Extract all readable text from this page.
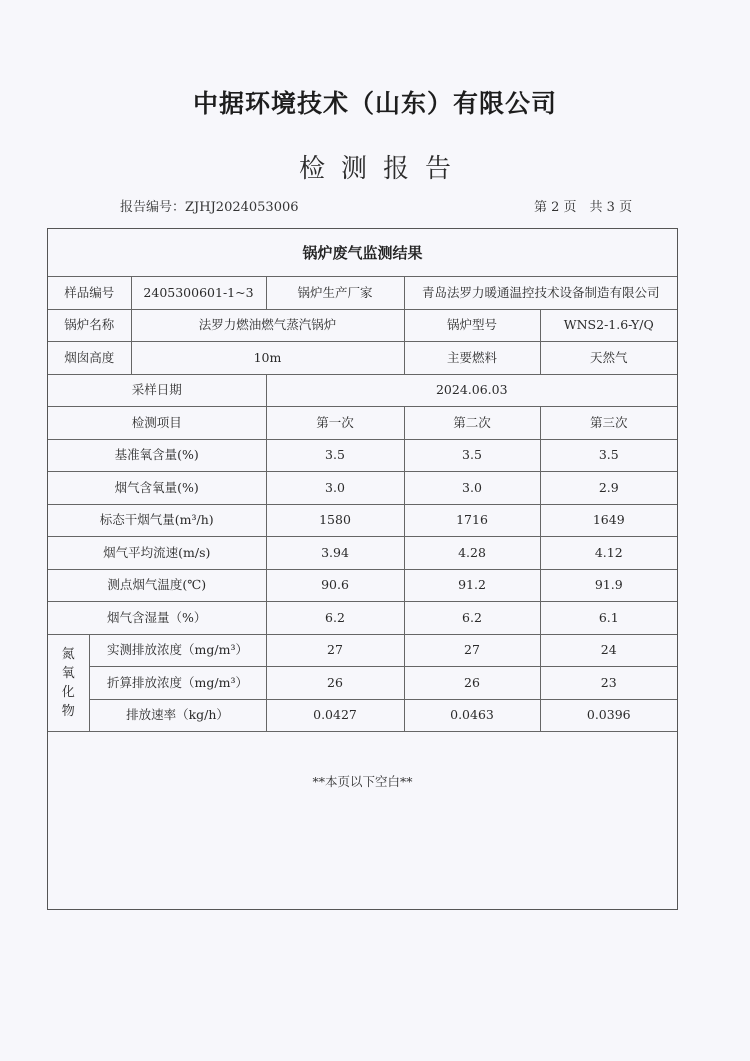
中据环境技术（山东）有限公司
检测报告
报告编号：ZJHJ2024053006	第 2 页　共 3 页
锅炉废气监测结果					
样品编号		2405300601-1~3	锅炉生产厂家	青岛法罗力暖通温控技术设备制造有限公司	
锅炉名称		法罗力燃油燃气蒸汽锅炉		锅炉型号	WNS2-1.6-Y/Q
烟囱高度		10m		主要燃料	天然气
采样日期			2024.06.03		
检测项目			第一次	第二次	第三次
基准氧含量(%)			3.5	3.5	3.5
烟气含氧量(%)			3.0	3.0	2.9
标态干烟气量(m³/h)			1580	1716	1649
烟气平均流速(m/s)			3.94	4.28	4.12
测点烟气温度(℃)			90.6	91.2	91.9
烟气含湿量（%）			6.2	6.2	6.1

氮
氧
化
物	实测排放浓度（mg/m³）		27	27	24
	折算排放浓度（mg/m³）		26	26	23
	排放速率（kg/h）		0.0427	0.0463	0.0396
**本页以下空白**
